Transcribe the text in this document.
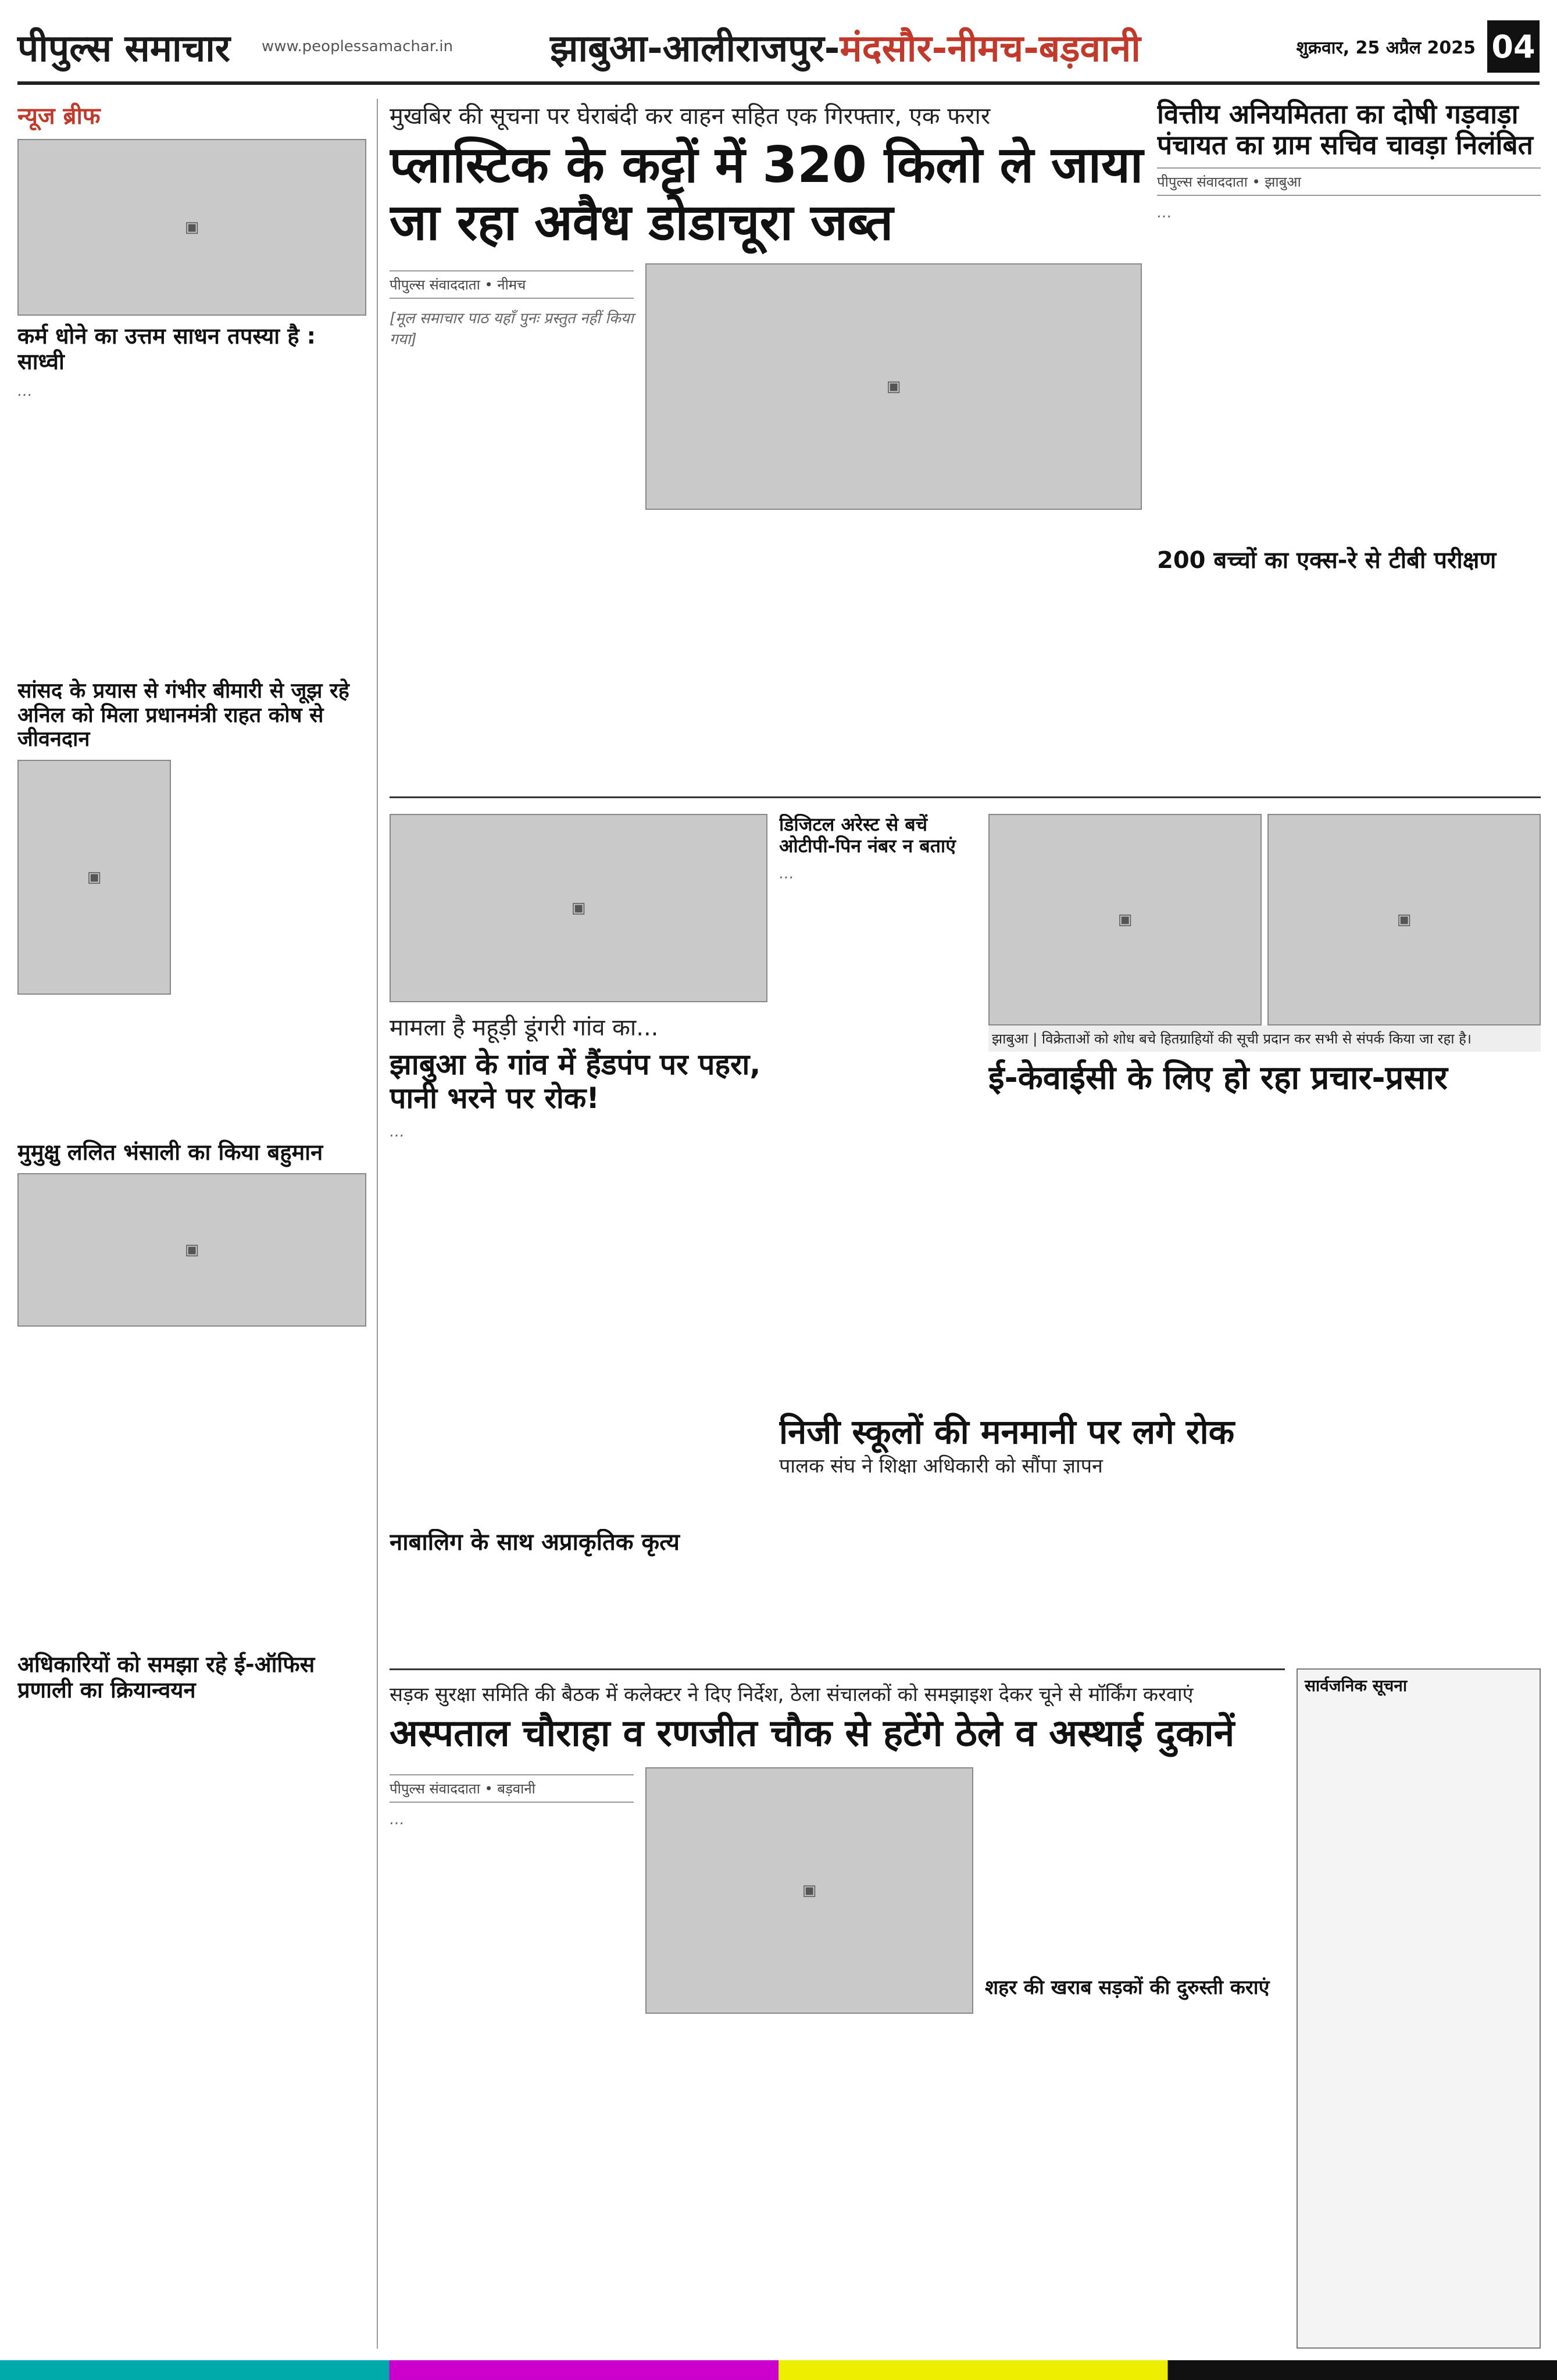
पीपुल्स समाचार	www.peoplessamachar.in	झाबुआ-आलीराजपुर-मंदसौर-नीमच-बड़वानी	शुक्रवार, 25 अप्रैल 2025 04
न्यूज ब्रीफ
▣
कर्म धोने का उत्तम साधन तपस्या है : साध्वी
…
सांसद के प्रयास से गंभीर बीमारी से जूझ रहे अनिल को मिला प्रधानमंत्री राहत कोष से जीवनदान
▣
मुमुक्षु ललित भंसाली का किया बहुमान
▣
अधिकारियों को समझा रहे ई-ऑफिस प्रणाली का क्रियान्वयन
मुखबिर की सूचना पर घेराबंदी कर वाहन सहित एक गिरफ्तार, एक फरार
प्लास्टिक के कट्टों में 320 किलो ले जाया जा रहा अवैध डोडाचूरा जब्त
पीपुल्स संवाददाता • नीमच
[मूल समाचार पाठ यहाँ पुनः प्रस्तुत नहीं किया गया]
▣
वित्तीय अनियमितता का दोषी गड़वाड़ा पंचायत का ग्राम सचिव चावड़ा निलंबित
पीपुल्स संवाददाता • झाबुआ
…
200 बच्चों का एक्स-रे से टीबी परीक्षण
▣
मामला है महूड़ी डूंगरी गांव का...
झाबुआ के गांव में हैंडपंप पर पहरा, पानी भरने पर रोक!
…
डिजिटल अरेस्ट से बचें ओटीपी-पिन नंबर न बताएं
…
▣	▣
झाबुआ | विक्रेताओं को शोध बचे हितग्राहियों की सूची प्रदान कर सभी से संपर्क किया जा रहा है।
ई-केवाईसी के लिए हो रहा प्रचार-प्रसार
नाबालिग के साथ अप्राकृतिक कृत्य
निजी स्कूलों की मनमानी पर लगे रोक
पालक संघ ने शिक्षा अधिकारी को सौंपा ज्ञापन
सड़क सुरक्षा समिति की बैठक में कलेक्टर ने दिए निर्देश, ठेला संचालकों को समझाइश देकर चूने से मॉर्किंग करवाएं
अस्पताल चौराहा व रणजीत चौक से हटेंगे ठेले व अस्थाई दुकानें
पीपुल्स संवाददाता • बड़वानी
…
▣
शहर की खराब सड़कों की दुरुस्ती कराएं
सार्वजनिक सूचना
